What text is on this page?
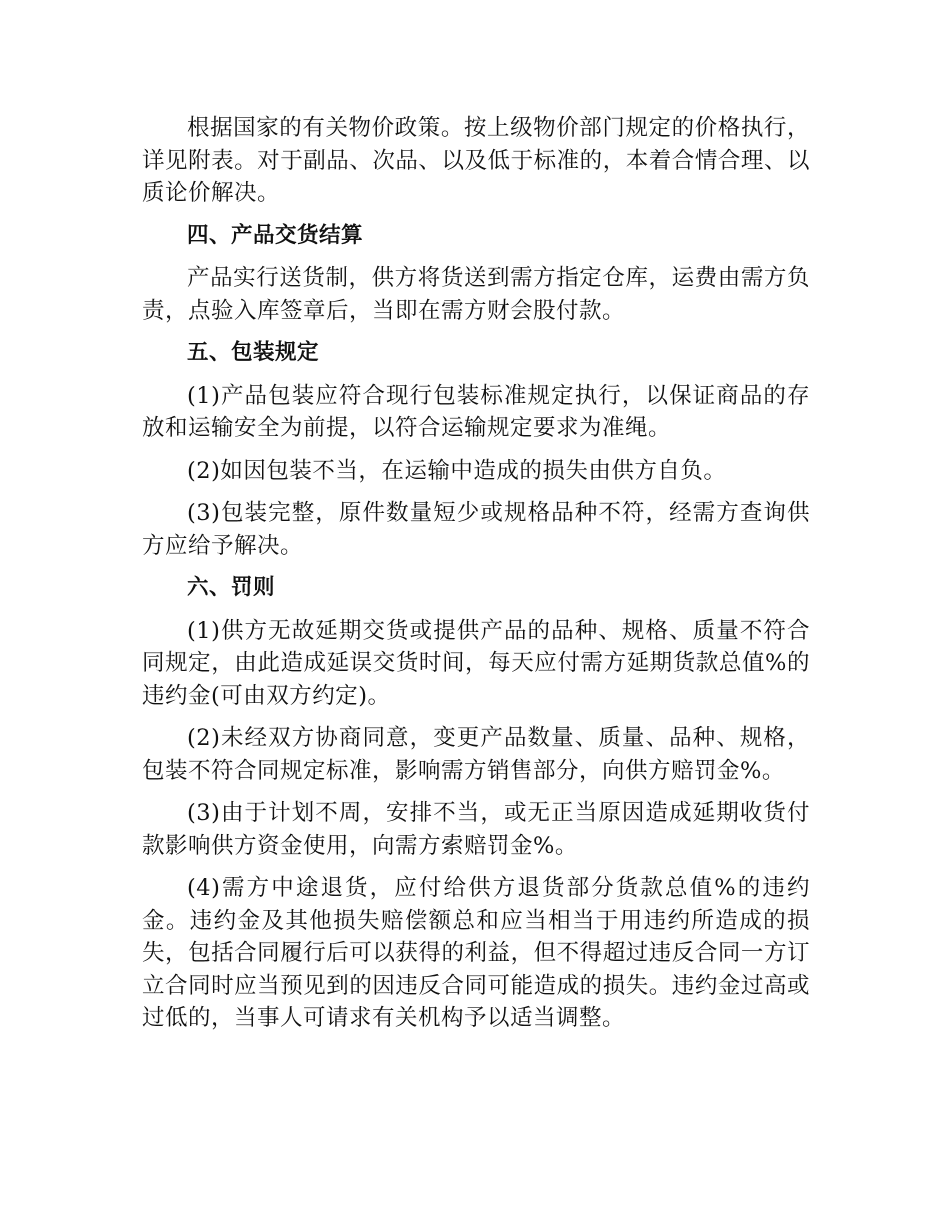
根据国家的有关物价政策。按上级物价部门规定的价格执行，详见附表。对于副品、次品、以及低于标准的，本着合情合理、以质论价解决。

四、产品交货结算

产品实行送货制，供方将货送到需方指定仓库，运费由需方负责，点验入库签章后，当即在需方财会股付款。

五、包装规定

(1)产品包装应符合现行包装标准规定执行，以保证商品的存放和运输安全为前提，以符合运输规定要求为准绳。

(2)如因包装不当，在运输中造成的损失由供方自负。

(3)包装完整，原件数量短少或规格品种不符，经需方查询供方应给予解决。

六、罚则

(1)供方无故延期交货或提供产品的品种、规格、质量不符合同规定，由此造成延误交货时间，每天应付需方延期货款总值%的违约金(可由双方约定)。

(2)未经双方协商同意，变更产品数量、质量、品种、规格，包装不符合同规定标准，影响需方销售部分，向供方赔罚金%。

(3)由于计划不周，安排不当，或无正当原因造成延期收货付款影响供方资金使用，向需方索赔罚金%。

(4)需方中途退货，应付给供方退货部分货款总值%的违约金。违约金及其他损失赔偿额总和应当相当于用违约所造成的损失，包括合同履行后可以获得的利益，但不得超过违反合同一方订立合同时应当预见到的因违反合同可能造成的损失。违约金过高或过低的，当事人可请求有关机构予以适当调整。
